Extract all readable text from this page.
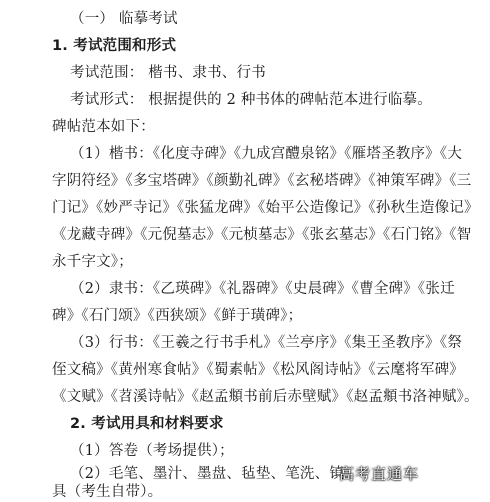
（一） 临摹考试
1. 考试范围和形式
考试范围： 楷书、隶书、行书
考试形式： 根据提供的 2 种书体的碑帖范本进行临摹。
碑帖范本如下：
（1）楷书：《化度寺碑》《九成宫醴泉铭》《雁塔圣教序》《大
字阴符经》《多宝塔碑》《颜勤礼碑》《玄秘塔碑》《神策军碑》《三
门记》《妙严寺记》《张猛龙碑》《始平公造像记》《孙秋生造像记》
《龙藏寺碑》《元倪墓志》《元桢墓志》《张玄墓志》《石门铭》《智
永千字文》；
（2）隶书：《乙瑛碑》《礼器碑》《史晨碑》《曹全碑》《张迁
碑》《石门颂》《西狭颂》《鲜于璜碑》；
（3）行书：《王羲之行书手札》《兰亭序》《集王圣教序》《祭
侄文稿》《黄州寒食帖》《蜀素帖》《松风阁诗帖》《云麾将军碑》
《文赋》《苕溪诗帖》《赵孟頫书前后赤壁赋》《赵孟頫书洛神赋》。
2. 考试用具和材料要求
（1）答卷（考场提供）；
（2）毛笔、墨汁、墨盘、毡垫、笔洗、镇
具（考生自带）。
高考直通车
